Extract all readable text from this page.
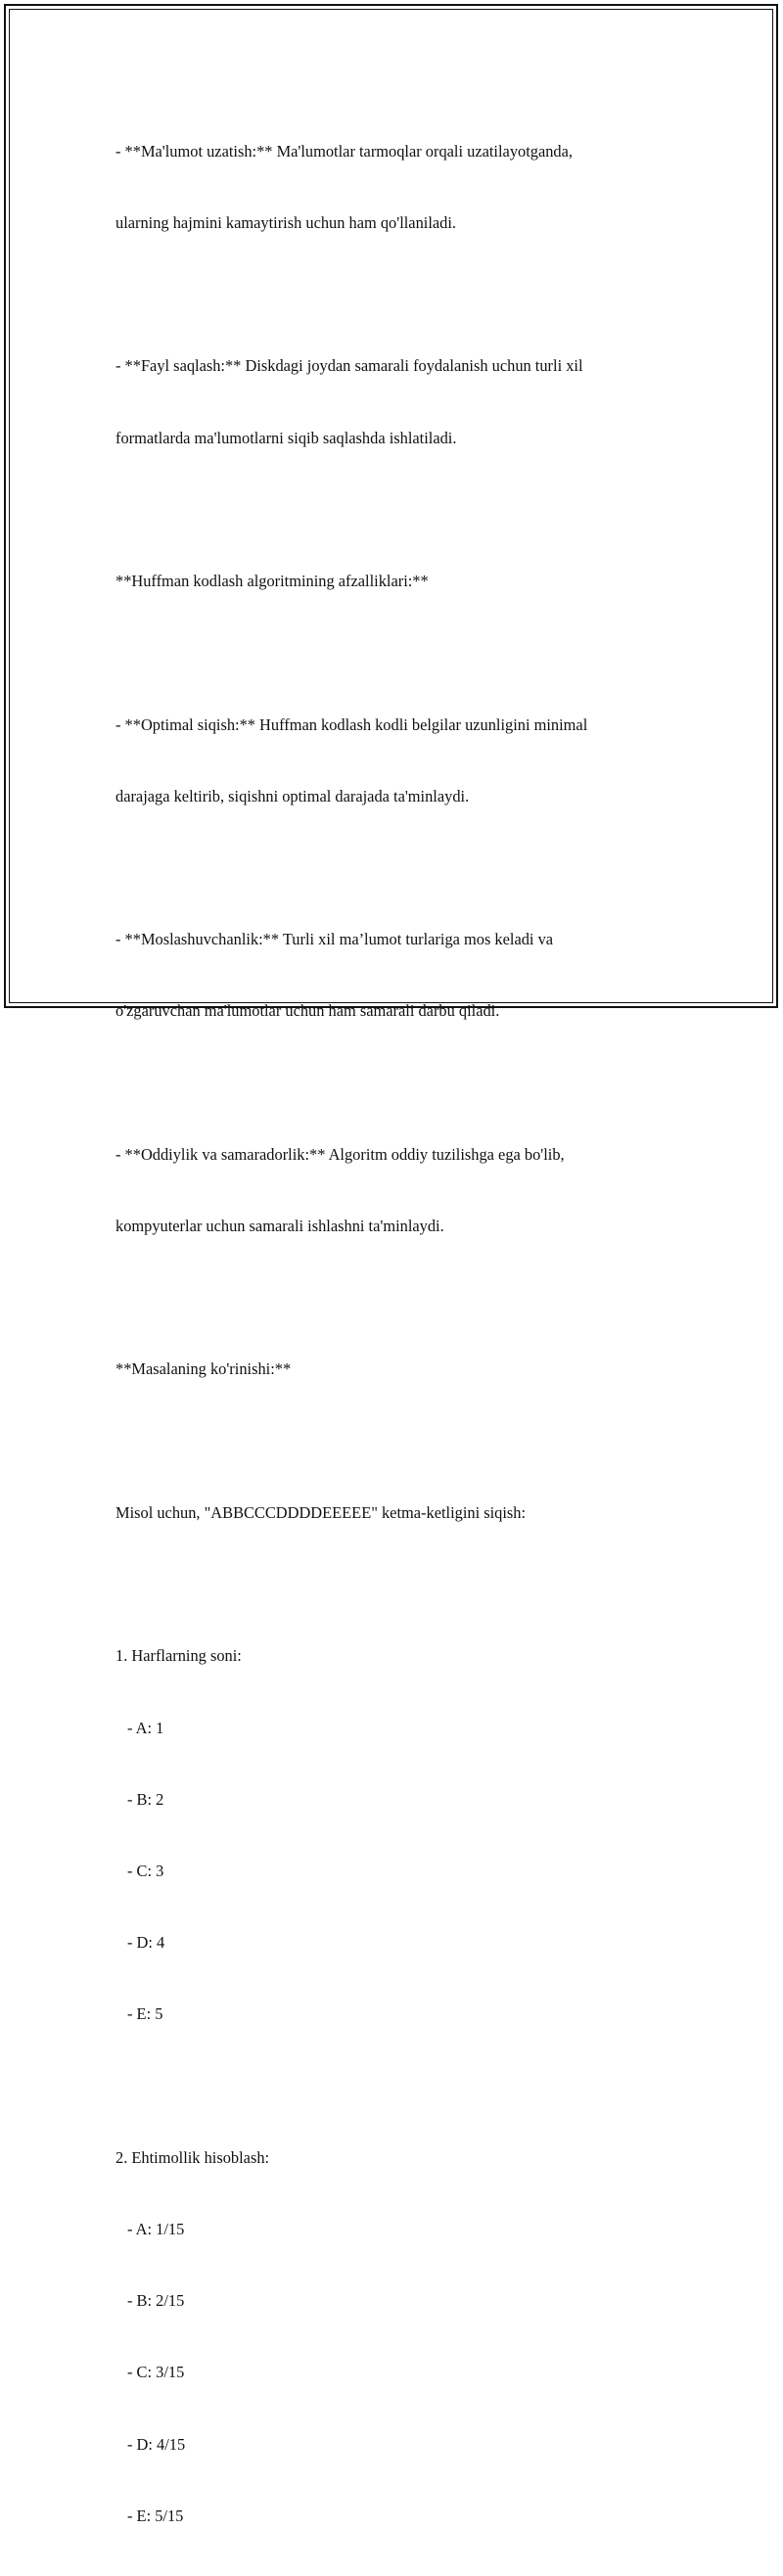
- **Ma'lumot uzatish:** Ma'lumotlar tarmoqlar orqali uzatilayotganda,

ularning hajmini kamaytirish uchun ham qo'llaniladi.

- **Fayl saqlash:** Diskdagi joydan samarali foydalanish uchun turli xil

formatlarda ma'lumotlarni siqib saqlashda ishlatiladi.

**Huffman kodlash algoritmining afzalliklari:**

- **Optimal siqish:** Huffman kodlash kodli belgilar uzunligini minimal

darajaga keltirib, siqishni optimal darajada ta'minlaydi.

- **Moslashuvchanlik:** Turli xil ma’lumot turlariga mos keladi va

o'zgaruvchan ma'lumotlar uchun ham samarali darbu qiladi.

- **Oddiylik va samaradorlik:** Algoritm oddiy tuzilishga ega bo'lib,

kompyuterlar uchun samarali ishlashni ta'minlaydi.

**Masalaning ko'rinishi:**

Misol uchun, "ABBCCCDDDDEEEEE" ketma-ketligini siqish:

1. Harflarning soni:

- A: 1

- B: 2

- C: 3

- D: 4

- E: 5

2. Ehtimollik hisoblash:

- A: 1/15

- B: 2/15

- C: 3/15

- D: 4/15

- E: 5/15
